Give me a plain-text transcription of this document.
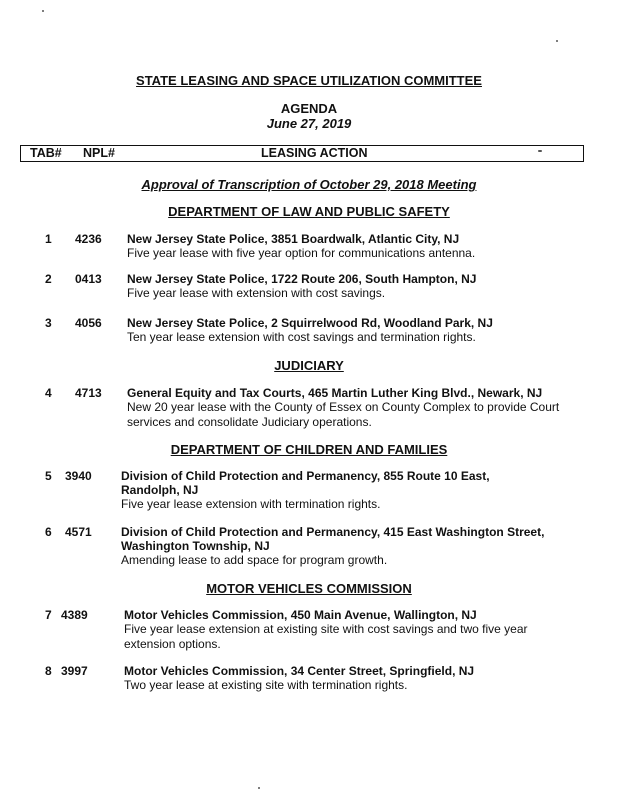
STATE LEASING AND SPACE UTILIZATION COMMITTEE
AGENDA
June 27, 2019
TAB# NPL#	LEASING ACTION
Approval of Transcription of October 29, 2018 Meeting
DEPARTMENT OF LAW AND PUBLIC SAFETY
1 4236 New Jersey State Police, 3851 Boardwalk, Atlantic City, NJ
Five year lease with five year option for communications antenna.
2 0413 New Jersey State Police, 1722 Route 206, South Hampton, NJ
Five year lease with extension with cost savings.
3 4056 New Jersey State Police, 2 Squirrelwood Rd, Woodland Park, NJ
Ten year lease extension with cost savings and termination rights.
JUDICIARY
4 4713 General Equity and Tax Courts, 465 Martin Luther King Blvd., Newark, NJ
New 20 year lease with the County of Essex on County Complex to provide Court services and consolidate Judiciary operations.
DEPARTMENT OF CHILDREN AND FAMILIES
5 3940 Division of Child Protection and Permanency, 855 Route 10 East,
Randolph, NJ
Five year lease extension with termination rights.
6 4571 Division of Child Protection and Permanency, 415 East Washington Street,
Washington Township, NJ
Amending lease to add space for program growth.
MOTOR VEHICLES COMMISSION
7 4389	Motor Vehicles Commission, 450 Main Avenue, Wallington, NJ
Five year lease extension at existing site with cost savings and two five year extension options.
8 3997	Motor Vehicles Commission, 34 Center Street, Springfield, NJ
Two year lease at existing site with termination rights.
